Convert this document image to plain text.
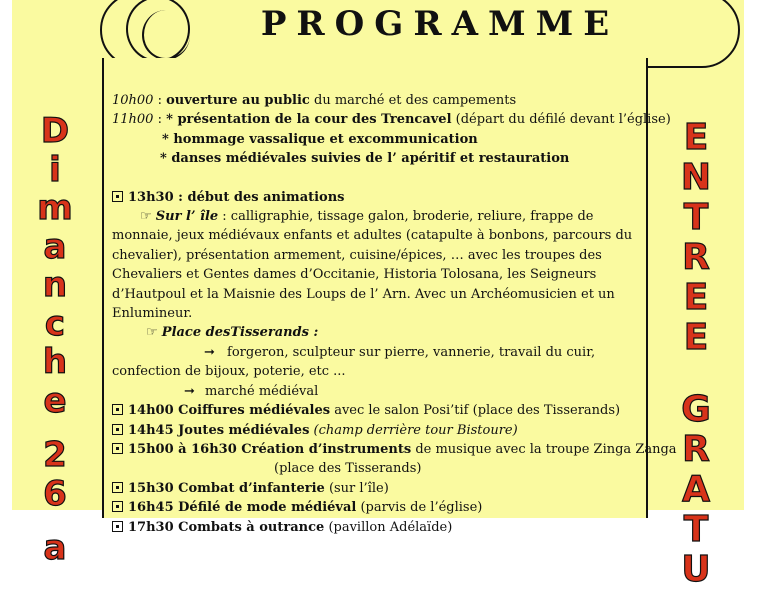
PROGRAMME
D
i
m
a
n
c
h
e
2
6
a
E
N
T
R
E
E
G
R
A
T
U
10h00 : ouverture au public du marché et des campements
11h00 : * présentation de la cour des Trencavel (départ du défilé devant l’église)
* hommage vassalique et excommunication
* danses médiévales suivies de l’ apéritif et restauration
13h30 : début des animations
☞ Sur l’ île : calligraphie, tissage galon, broderie, reliure, frappe de monnaie, jeux médiévaux enfants et adultes (catapulte à bonbons, parcours du chevalier), présentation armement, cuisine/épices, … avec les troupes des Chevaliers et Gentes dames d’Occitanie, Historia Tolosana, les Seigneurs d’Hautpoul et la Maisnie des Loups de l’ Arn. Avec un Archéomusicien et un Enlumineur.
☞ Place desTisserands :
➞ forgeron, sculpteur sur pierre, vannerie, travail du cuir, confection de bijoux, poterie, etc ...
➞ marché médiéval
14h00 Coiffures médiévales avec le salon Posi’tif (place des Tisserands)
14h45 Joutes médiévales (champ derrière tour Bistoure)
15h00 à 16h30 Création d’instruments de musique avec la troupe Zinga Zanga
(place des Tisserands)
15h30 Combat d’infanterie (sur l’île)
16h45 Défilé de mode médiéval (parvis de l’église)
17h30 Combats à outrance (pavillon Adélaïde)
